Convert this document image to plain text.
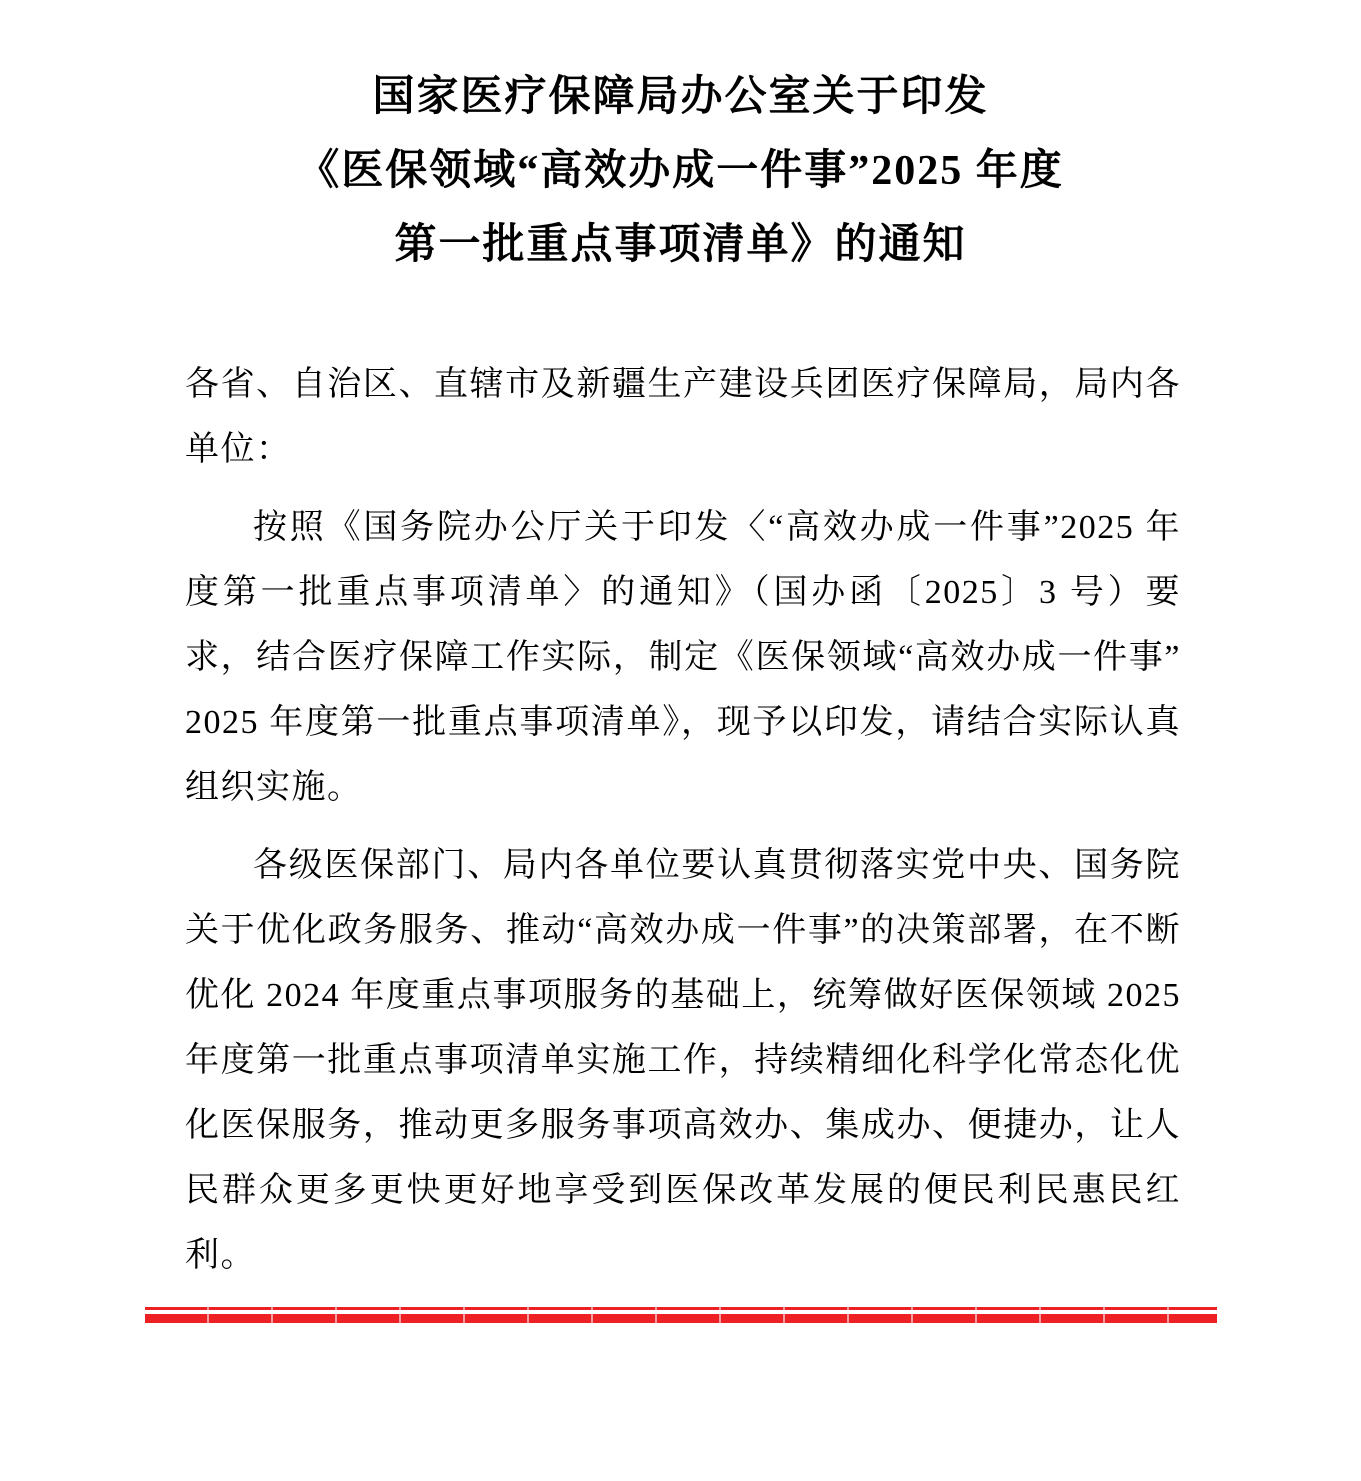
国家医疗保障局办公室关于印发
《医保领域“高效办成一件事”2025 年度
第一批重点事项清单》的通知

各省、自治区、直辖市及新疆生产建设兵团医疗保障局，局内各单位：

按照《国务院办公厅关于印发〈“高效办成一件事”2025 年度第一批重点事项清单〉的通知》（国办函〔2025〕3 号）要求，结合医疗保障工作实际，制定《医保领域“高效办成一件事”2025 年度第一批重点事项清单》，现予以印发，请结合实际认真组织实施。

各级医保部门、局内各单位要认真贯彻落实党中央、国务院关于优化政务服务、推动“高效办成一件事”的决策部署，在不断优化 2024 年度重点事项服务的基础上，统筹做好医保领域 2025 年度第一批重点事项清单实施工作，持续精细化科学化常态化优化医保服务，推动更多服务事项高效办、集成办、便捷办，让人民群众更多更快更好地享受到医保改革发展的便民利民惠民红利。
